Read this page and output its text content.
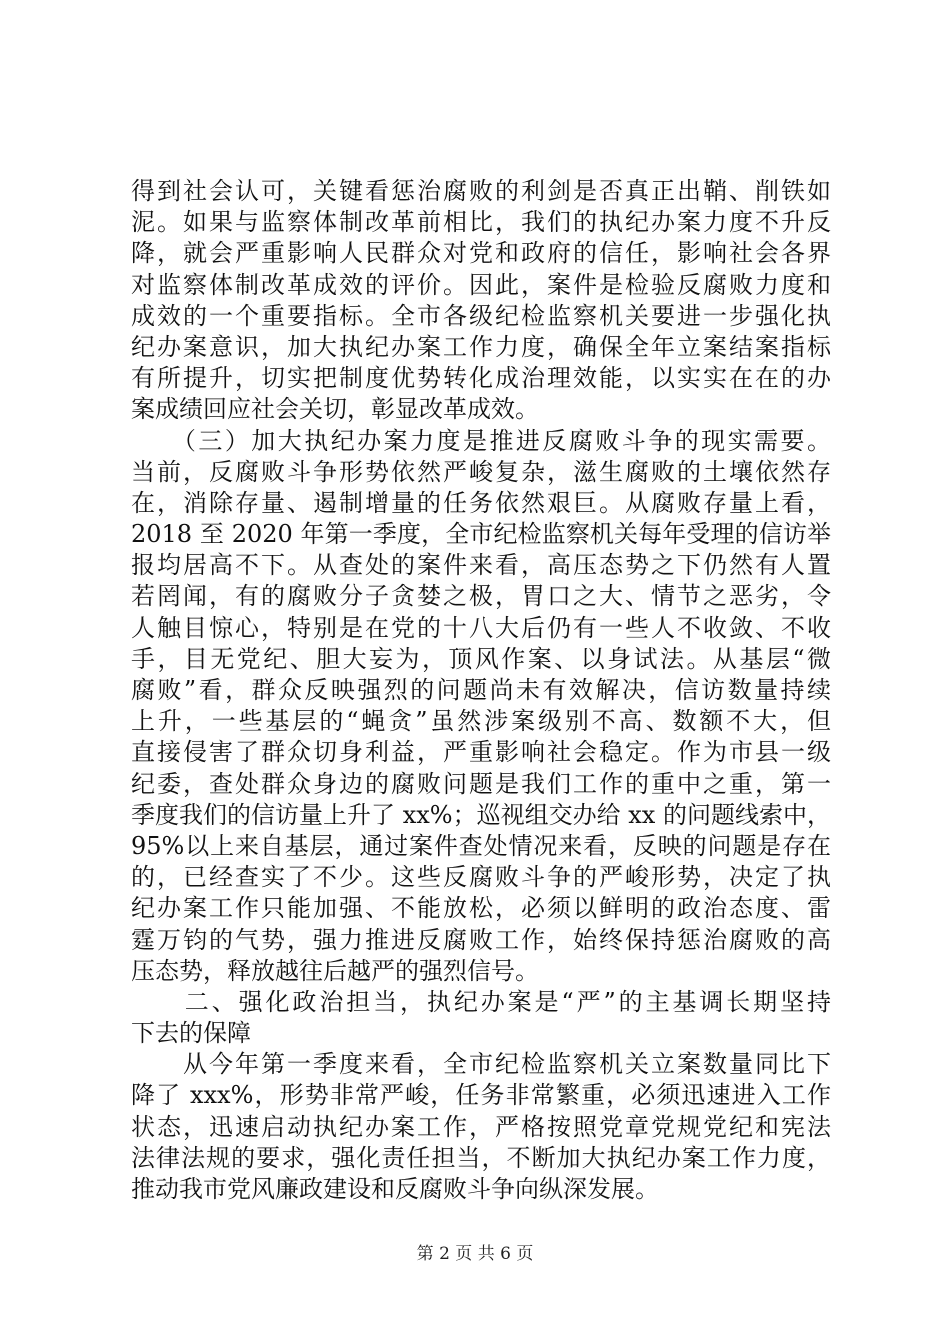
得到社会认可，关键看惩治腐败的利剑是否真正出鞘、削铁如
泥。如果与监察体制改革前相比，我们的执纪办案力度不升反
降，就会严重影响人民群众对党和政府的信任，影响社会各界
对监察体制改革成效的评价。因此，案件是检验反腐败力度和
成效的一个重要指标。全市各级纪检监察机关要进一步强化执
纪办案意识，加大执纪办案工作力度，确保全年立案结案指标
有所提升，切实把制度优势转化成治理效能，以实实在在的办
案成绩回应社会关切，彰显改革成效。
　　（三）加大执纪办案力度是推进反腐败斗争的现实需要。
当前，反腐败斗争形势依然严峻复杂，滋生腐败的土壤依然存
在，消除存量、遏制增量的任务依然艰巨。从腐败存量上看，
2018 至 2020 年第一季度，全市纪检监察机关每年受理的信访举
报均居高不下。从查处的案件来看，高压态势之下仍然有人置
若罔闻，有的腐败分子贪婪之极，胃口之大、情节之恶劣，令
人触目惊心，特别是在党的十八大后仍有一些人不收敛、不收
手，目无党纪、胆大妄为，顶风作案、以身试法。从基层“微
腐败”看，群众反映强烈的问题尚未有效解决，信访数量持续
上升，一些基层的“蝇贪”虽然涉案级别不高、数额不大，但
直接侵害了群众切身利益，严重影响社会稳定。作为市县一级
纪委，查处群众身边的腐败问题是我们工作的重中之重，第一
季度我们的信访量上升了 xx%；巡视组交办给 xx 的问题线索中，
95%以上来自基层，通过案件查处情况来看，反映的问题是存在
的，已经查实了不少。这些反腐败斗争的严峻形势，决定了执
纪办案工作只能加强、不能放松，必须以鲜明的政治态度、雷
霆万钧的气势，强力推进反腐败工作，始终保持惩治腐败的高
压态势，释放越往后越严的强烈信号。
　　二、强化政治担当，执纪办案是“严”的主基调长期坚持
下去的保障
　　从今年第一季度来看，全市纪检监察机关立案数量同比下
降了 xxx%，形势非常严峻，任务非常繁重，必须迅速进入工作
状态，迅速启动执纪办案工作，严格按照党章党规党纪和宪法
法律法规的要求，强化责任担当，不断加大执纪办案工作力度，
推动我市党风廉政建设和反腐败斗争向纵深发展。
第 2 页 共 6 页
